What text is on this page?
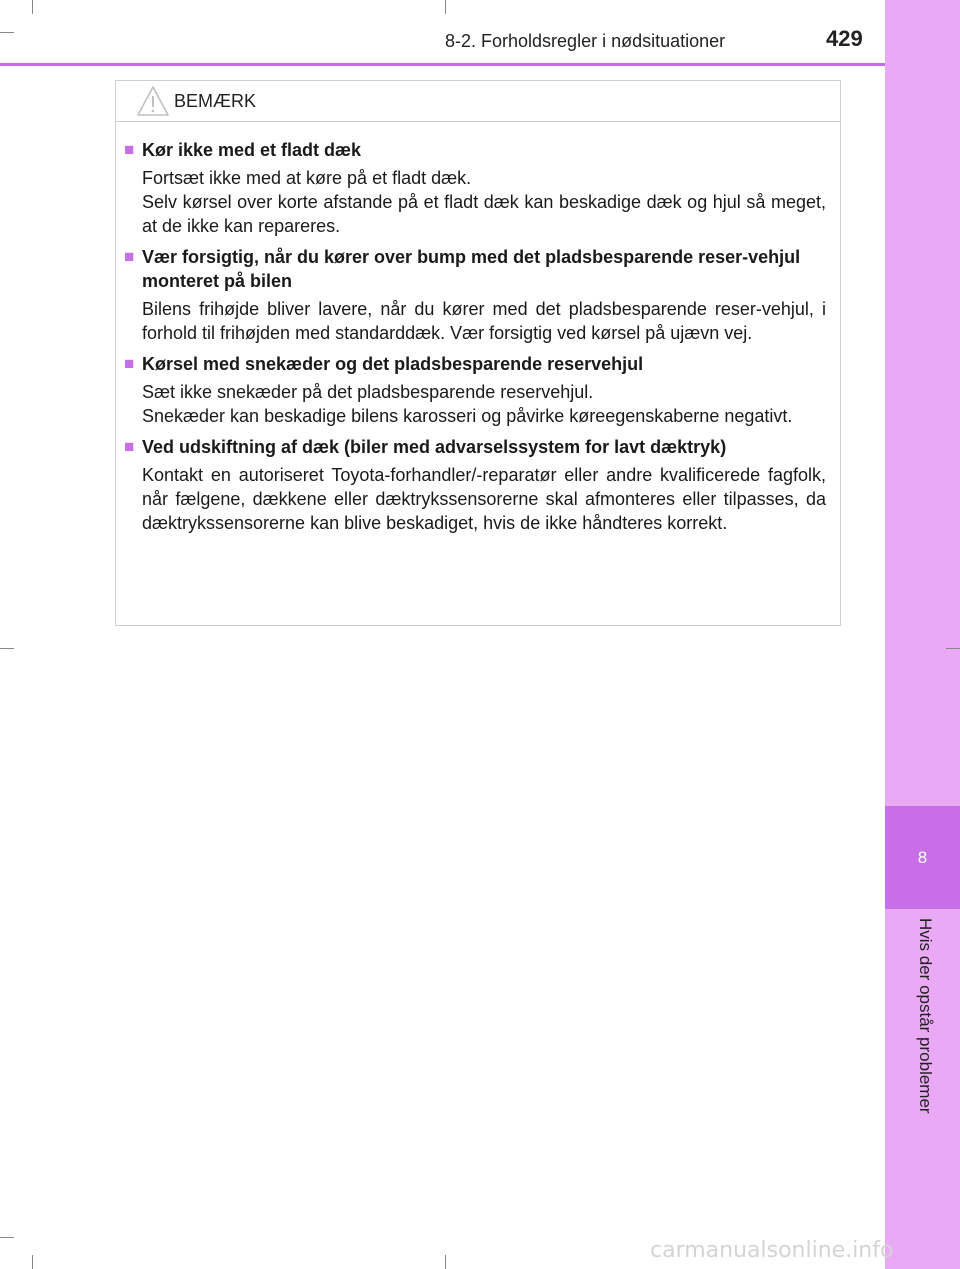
8
Hvis der opstår problemer
8-2. Forholdsregler i nødsituationer	429
BEMÆRK
■ Kør ikke med et fladt dæk

Fortsæt ikke med at køre på et fladt dæk.

Selv kørsel over korte afstande på et fladt dæk kan beskadige dæk og hjul så meget, at de ikke kan repareres.

■ Vær forsigtig, når du kører over bump med det pladsbesparende reser-vehjul monteret på bilen

Bilens frihøjde bliver lavere, når du kører med det pladsbesparende reser-vehjul, i forhold til frihøjden med standarddæk. Vær forsigtig ved kørsel på ujævn vej.

■ Kørsel med snekæder og det pladsbesparende reservehjul

Sæt ikke snekæder på det pladsbesparende reservehjul.

Snekæder kan beskadige bilens karosseri og påvirke køreegenskaberne negativt.

■ Ved udskiftning af dæk (biler med advarselssystem for lavt dæktryk)

Kontakt en autoriseret Toyota-forhandler/-reparatør eller andre kvalificerede fagfolk, når fælgene, dækkene eller dæktrykssensorerne skal afmonteres eller tilpasses, da dæktrykssensorerne kan blive beskadiget, hvis de ikke håndteres korrekt.

carmanualsonline.info
